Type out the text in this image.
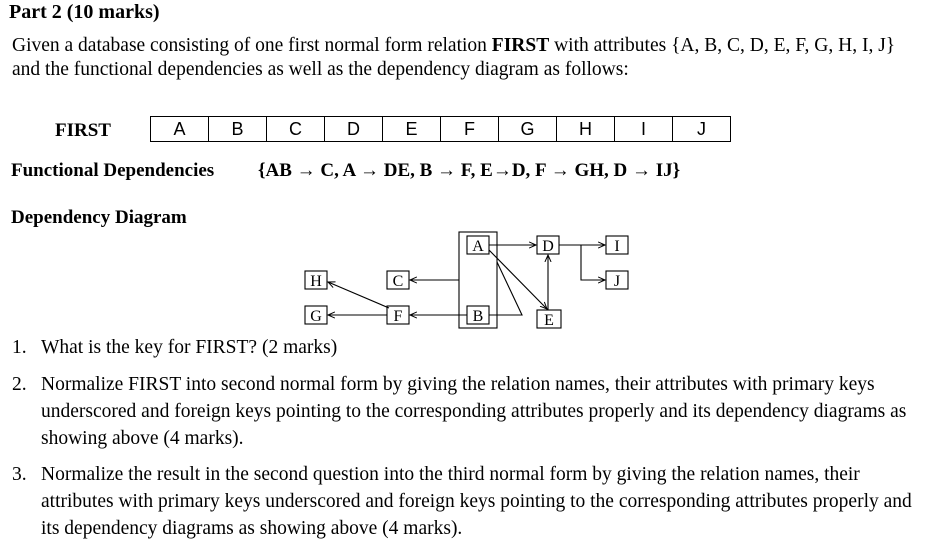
Part 2 (10 marks)
Given a database consisting of one first normal form relation FIRST with attributes {A, B, C, D, E, F, G, H, I, J} and the functional dependencies as well as the dependency diagram as follows:
FIRST	A	B	C	D	E	F	G	H	I	J
Functional Dependencies {AB → C, A → DE, B → F, E→D, F → GH, D → IJ}
Dependency Diagram
A
B
C
D
E
F
G
H
I
J
1. What is the key for FIRST? (2 marks)
2. Normalize FIRST into second normal form by giving the relation names, their attributes with primary keys underscored and foreign keys pointing to the corresponding attributes properly and its dependency diagrams as showing above (4 marks).
3. Normalize the result in the second question into the third normal form by giving the relation names, their attributes with primary keys underscored and foreign keys pointing to the corresponding attributes properly and its dependency diagrams as showing above (4 marks).
